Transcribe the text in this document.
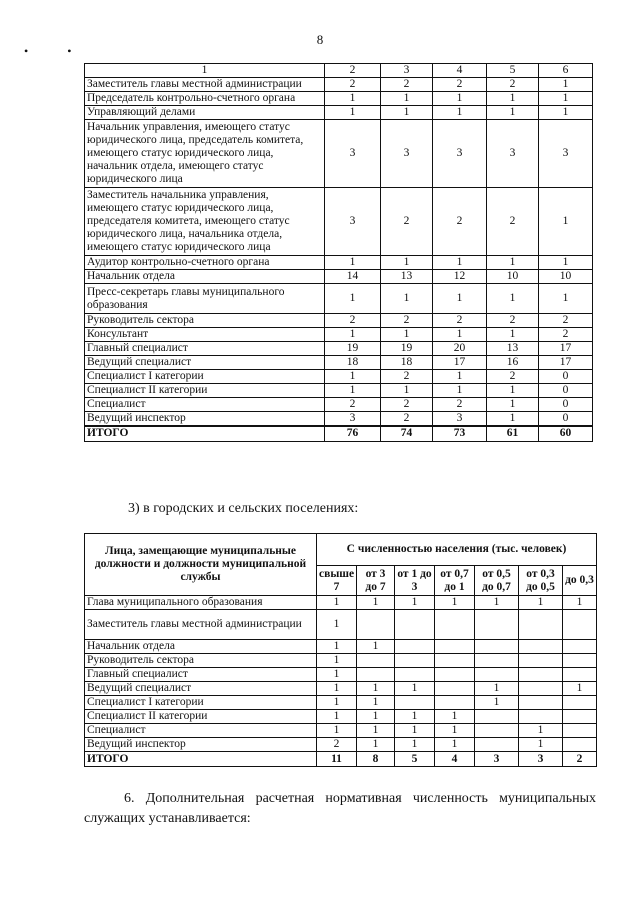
8
• •
1	2	3	4	5	6
Заместитель главы местной администрации	2	2	2	2	1
Председатель контрольно-счетного органа	1	1	1	1	1
Управляющий делами	1	1	1	1	1
Начальник управления, имеющего статус юридического лица, председатель комитета, имеющего статус юридического лица, начальник отдела, имеющего статус юридического лица	3	3	3	3	3
Заместитель начальника управления, имеющего статус юридического лица, председателя комитета, имеющего статус юридического лица, начальника отдела, имеющего статус юридического лица	3	2	2	2	1
Аудитор контрольно-счетного органа	1	1	1	1	1
Начальник отдела	14	13	12	10	10
Пресс-секретарь главы муниципального образования	1	1	1	1	1
Руководитель сектора	2	2	2	2	2
Консультант	1	1	1	1	2
Главный специалист	19	19	20	13	17
Ведущий специалист	18	18	17	16	17
Специалист I категории	1	2	1	2	0
Специалист II категории	1	1	1	1	0
Специалист	2	2	2	1	0
Ведущий инспектор	3	2	3	1	0
ИТОГО	76	74	73	61	60
3) в городских и сельских поселениях:
Лица, замещающие муниципальные должности и должности муниципальной службы	С численностью населения (тыс. человек)						
	свыше 7	от 3 до 7	от 1 до 3	от 0,7 до 1	от 0,5 до 0,7	от 0,3 до 0,5	до 0,3
Глава муниципального образования	1	1	1	1	1	1	1
Заместитель главы местной администрации	1						
Начальник отдела	1	1					
Руководитель сектора	1						
Главный специалист	1						
Ведущий специалист	1	1	1		1		1
Специалист I категории	1	1			1		
Специалист II категории	1	1	1	1			
Специалист	1	1	1	1		1	
Ведущий инспектор	2	1	1	1		1	
ИТОГО	11	8	5	4	3	3	2
6. Дополнительная расчетная нормативная численность муниципальных служащих устанавливается:
